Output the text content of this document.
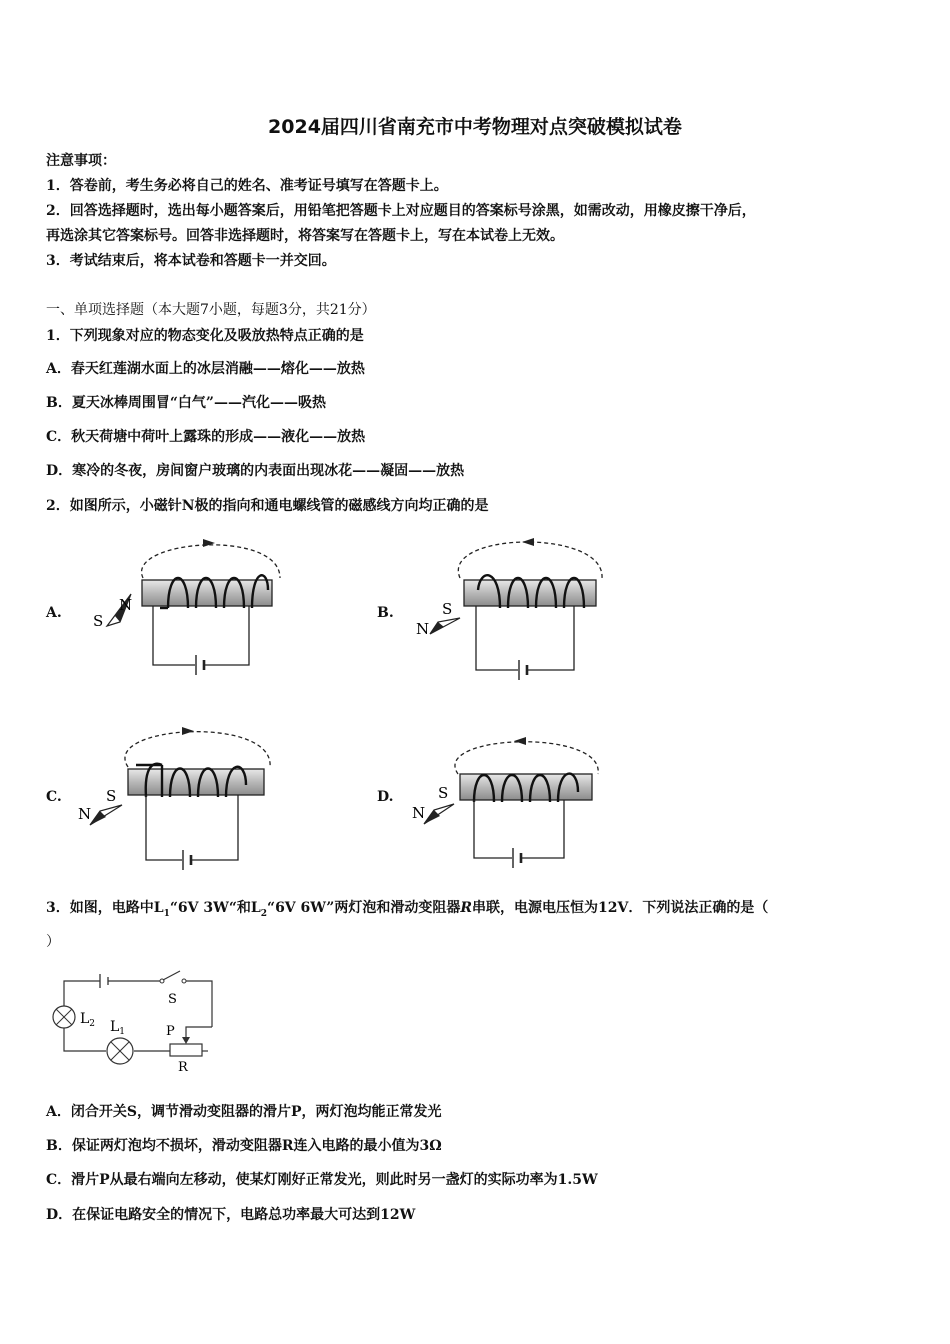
2024届四川省南充市中考物理对点突破模拟试卷
注意事项：
1．答卷前，考生务必将自己的姓名、准考证号填写在答题卡上。
2．回答选择题时，选出每小题答案后，用铅笔把答题卡上对应题目的答案标号涂黑，如需改动，用橡皮擦干净后，
再选涂其它答案标号。回答非选择题时，将答案写在答题卡上，写在本试卷上无效。
3．考试结束后，将本试卷和答题卡一并交回。
一、单项选择题（本大题7小题，每题3分，共21分）
1．下列现象对应的物态变化及吸放热特点正确的是
A．春天红莲湖水面上的冰层消融——熔化——放热
B．夏天冰棒周围冒“白气”——汽化——吸热
C．秋天荷塘中荷叶上露珠的形成——液化——放热
D．寒冷的冬夜，房间窗户玻璃的内表面出现冰花——凝固——放热
2．如图所示，小磁针N极的指向和通电螺线管的磁感线方向均正确的是
A.	B.
C.	D.
N
S
S
N
S
N
S
N
3．如图，电路中$L_1“6V$ 3W“和$L_2“6V$ 6W”两灯泡和滑动变阻器R串联，电源电压恒为12V．下列说法正确的是（
）
S
$L_2$ $L_1$	P
R
A．闭合开关S，调节滑动变阻器的滑片P，两灯泡均能正常发光
B．保证两灯泡均不损坏，滑动变阻器R连入电路的最小值为3Ω
C．滑片P从最右端向左移动，使某灯刚好正常发光，则此时另一盏灯的实际功率为1.5W
D．在保证电路安全的情况下，电路总功率最大可达到12W
